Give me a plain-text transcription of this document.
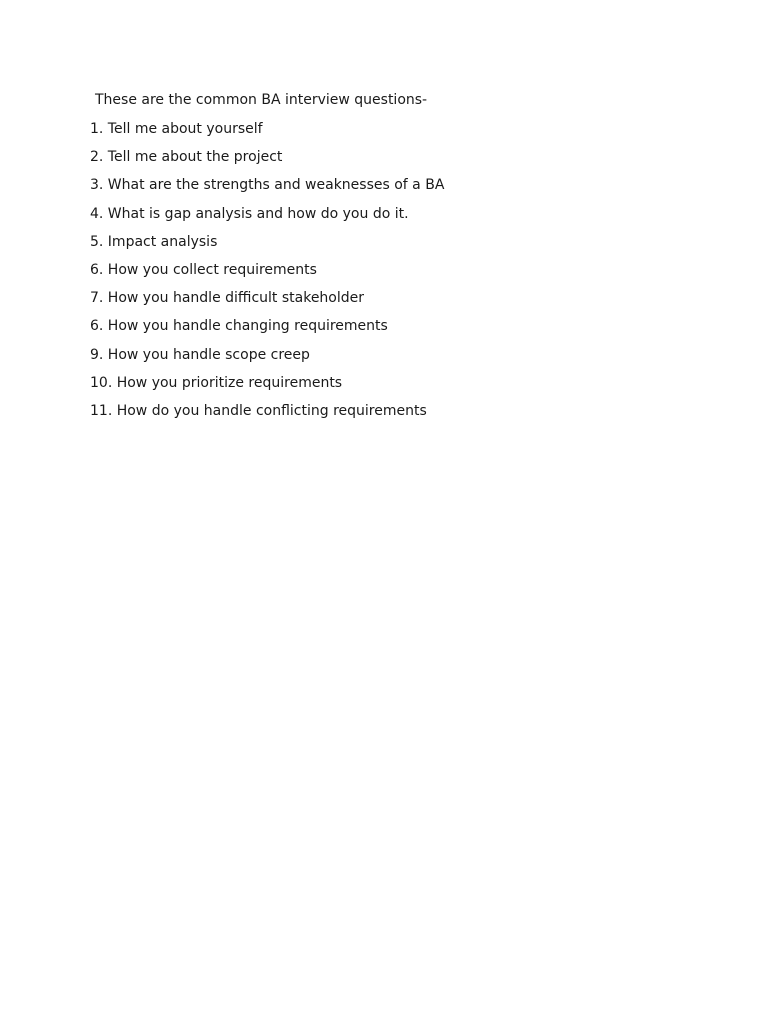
These are the common BA interview questions-

1. Tell me about yourself
2. Tell me about the project
3. What are the strengths and weaknesses of a BA
4. What is gap analysis and how do you do it.
5. Impact analysis
6. How you collect requirements
7. How you handle difficult stakeholder
6. How you handle changing requirements
9. How you handle scope creep
10. How you prioritize requirements
11. How do you handle conflicting requirements
